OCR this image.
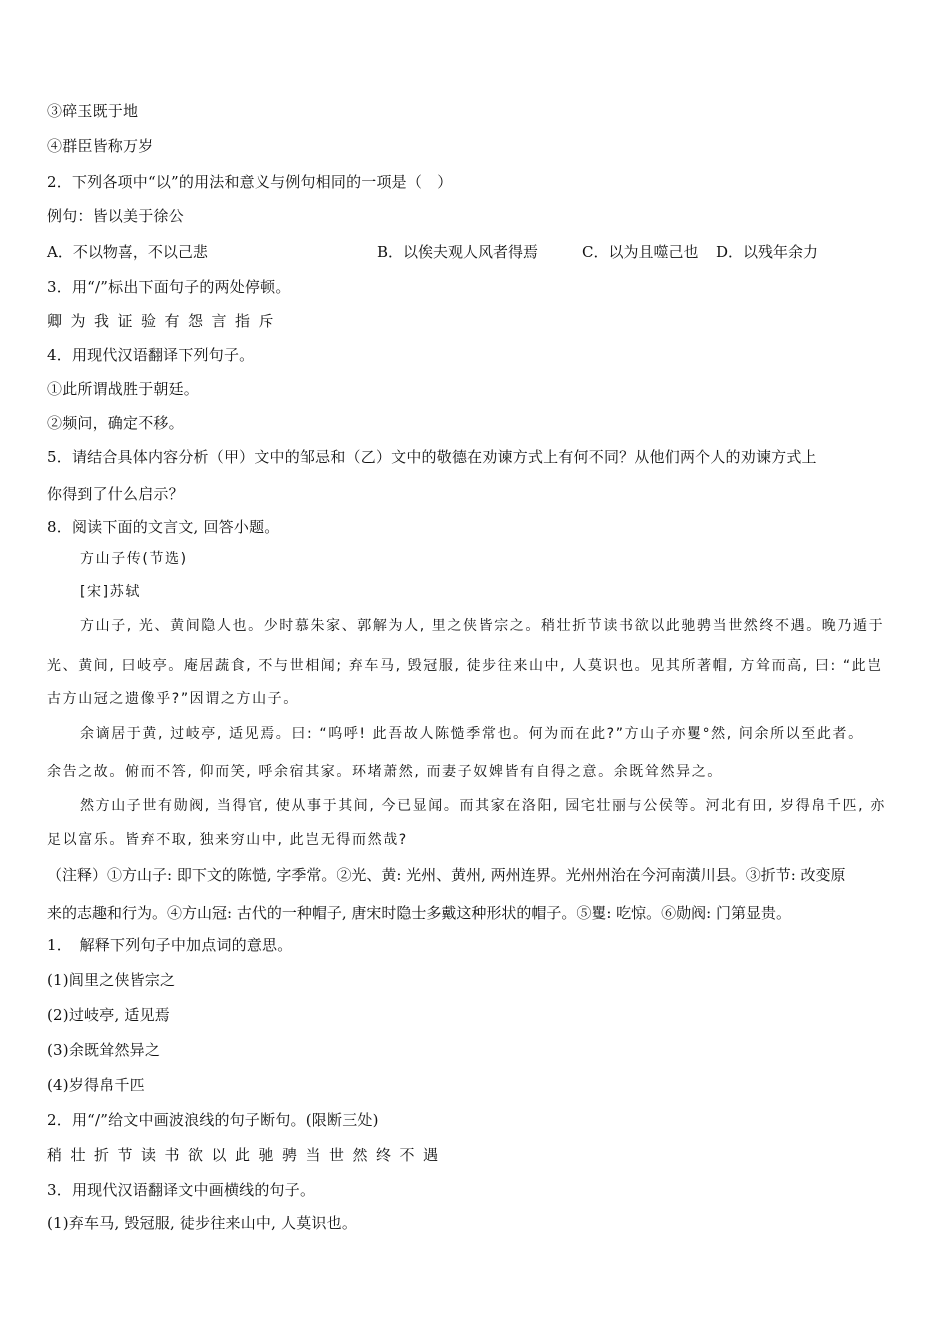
③碎玉既于地
④群臣皆称万岁
2．下列各项中“以”的用法和意义与例句相同的一项是（　）
例句：皆以美于徐公
A．不以物喜，不以己悲	B．以俟夫观人风者得焉	C．以为且噬己也 D．以残年余力
3．用“/”标出下面句子的两处停顿。
卿为我证验有怨言指斥
4．用现代汉语翻译下列句子。
①此所谓战胜于朝廷。
②频问，确定不移。
5．请结合具体内容分析（甲）文中的邹忌和（乙）文中的敬德在劝谏方式上有何不同？从他们两个人的劝谏方式上
你得到了什么启示？
8．阅读下面的文言文, 回答小题。
方山子传(节选)
[宋]苏轼
方山子, 光、黄间隐人也。少时慕朱家、郭解为人, 里之侠皆宗之。稍壮折节读书欲以此驰骋当世然终不遇。晚乃遁于
光、黄间, 曰岐亭。庵居蔬食, 不与世相闻; 弃车马, 毁冠服, 徒步往来山中, 人莫识也。见其所著帽, 方耸而高, 曰: “此岂
古方山冠之遗像乎?”因谓之方山子。
余谪居于黄, 过岐亭, 适见焉。曰: “呜呼! 此吾故人陈慥季常也。何为而在此?”方山子亦矍°然, 问余所以至此者。
余告之故。俯而不答, 仰而笑, 呼余宿其家。环堵萧然, 而妻子奴婢皆有自得之意。余既耸然异之。
然方山子世有勋阀, 当得官, 使从事于其间, 今已显闻。而其家在洛阳, 园宅壮丽与公侯等。河北有田, 岁得帛千匹, 亦
足以富乐。皆弃不取, 独来穷山中, 此岂无得而然哉?
（注释）①方山子: 即下文的陈慥, 字季常。②光、黄: 光州、黄州, 两州连界。光州州治在今河南潢川县。③折节: 改变原
来的志趣和行为。④方山冠: 古代的一种帽子, 唐宋时隐士多戴这种形状的帽子。⑤矍: 吃惊。⑥勋阀: 门第显贵。
1．　解释下列句子中加点词的意思。
(1)闾里之侠皆宗之
(2)过岐亭, 适见焉
(3)余既耸然异之
(4)岁得帛千匹
2．用“/”给文中画波浪线的句子断句。(限断三处)
稍壮折节读书欲以此驰骋当世然终不遇
3．用现代汉语翻译文中画横线的句子。
(1)弃车马, 毁冠服, 徒步往来山中, 人莫识也。
